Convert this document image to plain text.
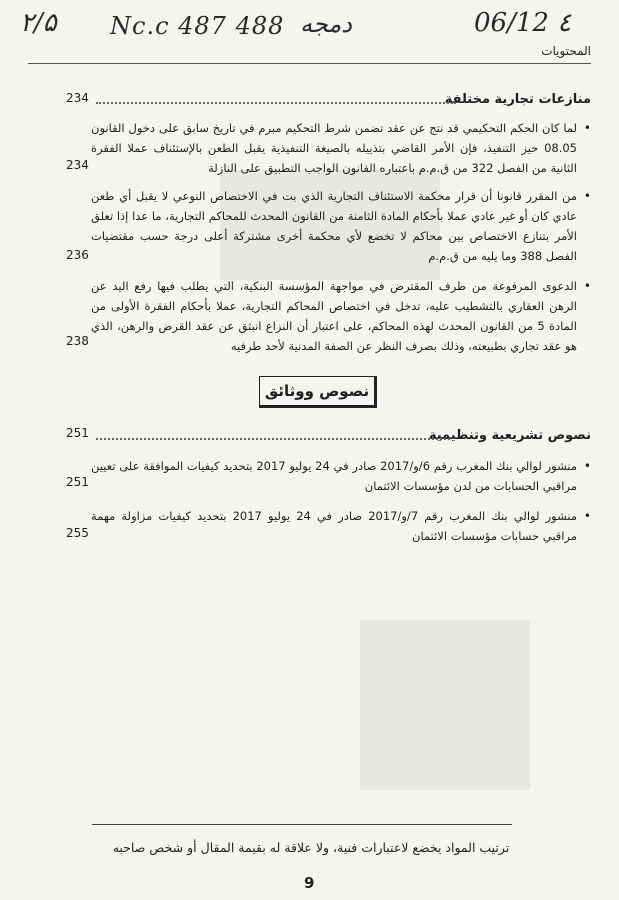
۲/۵ Nc.c 487 488 دمجه	06/12 ٤
المحتويات
منازعات تجارية مختلفة
234
•
لما كان الحكم التحكيمي قد نتج عن عقد تضمن شرط التحكيم مبرم في تاريخ سابق على دخول القانون 08.05 حيز التنفيذ، فإن الأمر القاضي بتذييله بالصيغة التنفيذية يقبل الطعن بالإستئناف عملا الفقرة الثانية من الفصل 322 من ق.م.م باعتباره القانون الواجب التطبيق على النازلة
234
•
من المقرر قانونا أن قرار محكمة الاستئناف التجارية الذي بت في الاختصاص النوعي لا يقبل أي طعن عادي كان أو غير عادي عملا بأحكام المادة الثامنة من القانون المحدث للمحاكم التجارية، ما عدا إذا تعلق الأمر بتنازع الاختصاص بين محاكم لا تخضع لأي محكمة أخرى مشتركة أعلى درجة حسب مقتضيات الفصل 388 وما يليه من ق.م.م
236
•
الدعوى المرفوعة من طرف المقترض في مواجهة المؤسسة البنكية، التي يطلب فيها رفع اليد عن الرهن العقاري بالتشطيب عليه، تدخل في اختصاص المحاكم التجارية، عملا بأحكام الفقرة الأولى من المادة 5 من القانون المحدث لهذه المحاكم، على اعتبار أن النزاع انبثق عن عقد القرض والرهن، الذي هو عقد تجاري بطبيعته، وذلك بصرف النظر عن الصفة المدنية لأحد طرفيه
238
نصوص ووثائق
نصوص تشريعية وتنظيمية
251
•
منشور لوالي بنك المغرب رقم 6/و/2017 صادر في 24 يوليو 2017 بتحديد كيفيات الموافقة على تعيين مراقبي الحسابات من لدن مؤسسات الائتمان
251
•
منشور لوالي بنك المغرب رقم 7/و/2017 صادر في 24 يوليو 2017 بتحديد كيفيات مزاولة مهمة مراقبي حسابات مؤسسات الائتمان
255
ترتيب المواد يخضع لاعتبارات فنية، ولا علاقة له بقيمة المقال أو شخص صاحبه
9
